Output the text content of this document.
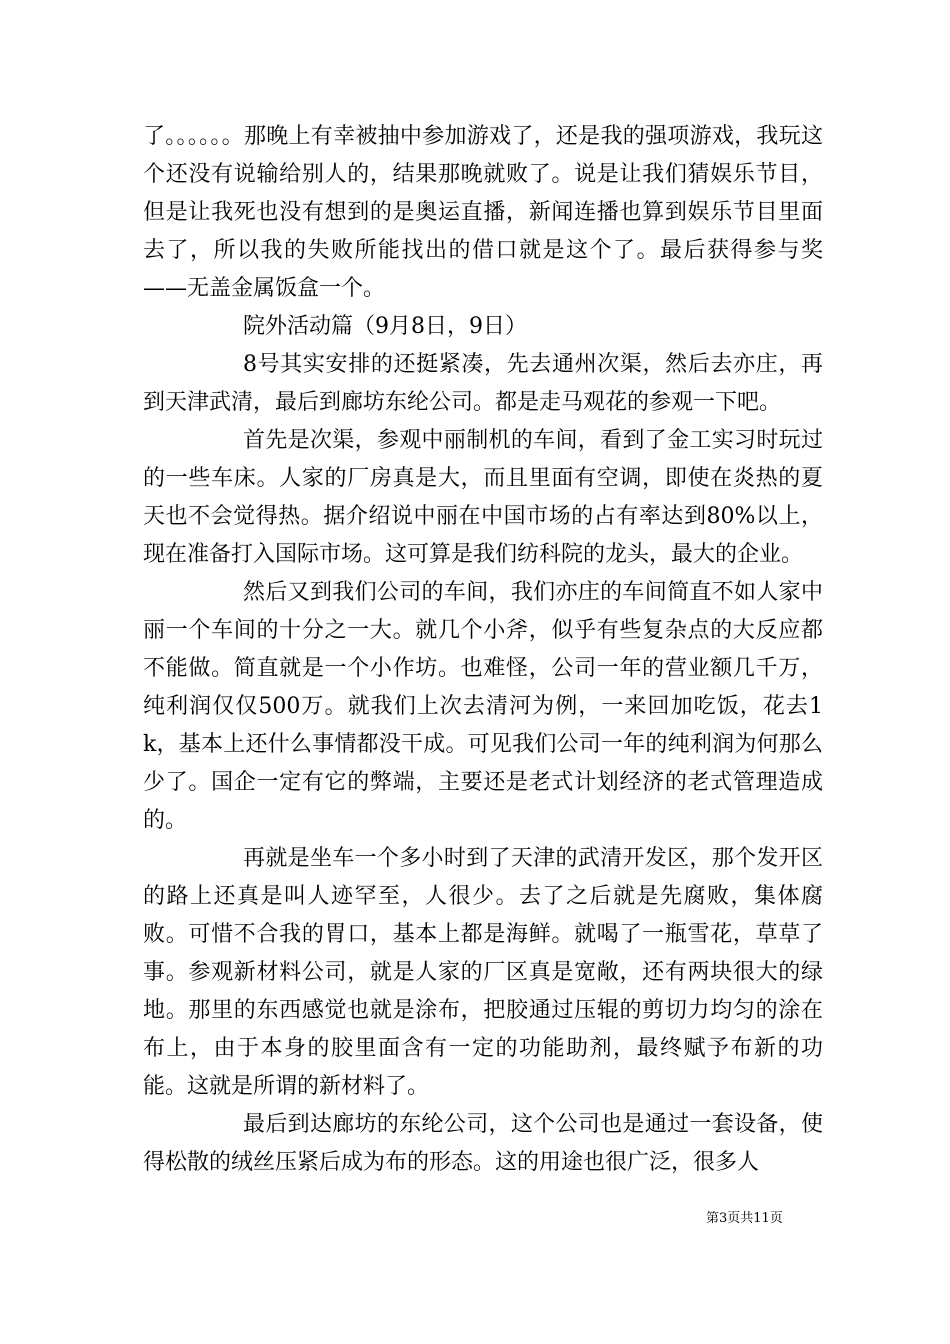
了。。。。。。那晚上有幸被抽中参加游戏了，还是我的强项游戏，我玩这个还没有说输给别人的，结果那晚就败了。说是让我们猜娱乐节目，但是让我死也没有想到的是奥运直播，新闻连播也算到娱乐节目里面去了，所以我的失败所能找出的借口就是这个了。最后获得参与奖——无盖金属饭盒一个。

院外活动篇（9月8日，9日）

8号其实安排的还挺紧凑，先去通州次渠，然后去亦庄，再到天津武清，最后到廊坊东纶公司。都是走马观花的参观一下吧。

首先是次渠，参观中丽制机的车间，看到了金工实习时玩过的一些车床。人家的厂房真是大，而且里面有空调，即使在炎热的夏天也不会觉得热。据介绍说中丽在中国市场的占有率达到80%以上，现在准备打入国际市场。这可算是我们纺科院的龙头，最大的企业。

然后又到我们公司的车间，我们亦庄的车间简直不如人家中丽一个车间的十分之一大。就几个小斧，似乎有些复杂点的大反应都不能做。简直就是一个小作坊。也难怪，公司一年的营业额几千万，纯利润仅仅500万。就我们上次去清河为例，一来回加吃饭，花去1k，基本上还什么事情都没干成。可见我们公司一年的纯利润为何那么少了。国企一定有它的弊端，主要还是老式计划经济的老式管理造成的。

再就是坐车一个多小时到了天津的武清开发区，那个发开区的路上还真是叫人迹罕至，人很少。去了之后就是先腐败，集体腐败。可惜不合我的胃口，基本上都是海鲜。就喝了一瓶雪花，草草了事。参观新材料公司，就是人家的厂区真是宽敞，还有两块很大的绿地。那里的东西感觉也就是涂布，把胶通过压辊的剪切力均匀的涂在布上，由于本身的胶里面含有一定的功能助剂，最终赋予布新的功能。这就是所谓的新材料了。

最后到达廊坊的东纶公司，这个公司也是通过一套设备，使得松散的绒丝压紧后成为布的形态。这的用途也很广泛，很多人

第3页共11页
